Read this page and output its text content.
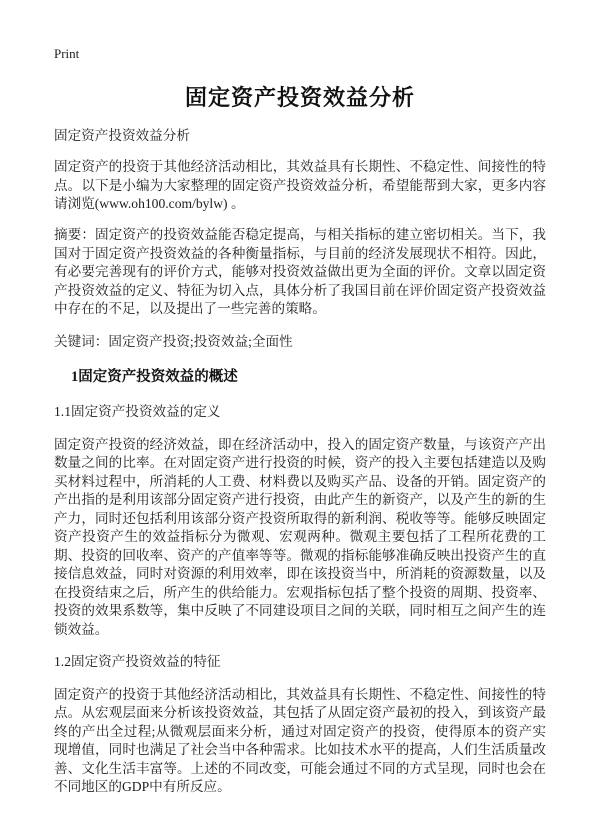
Print
固定资产投资效益分析

固定资产投资效益分析

固定资产的投资于其他经济活动相比，其效益具有长期性、不稳定性、间接性的特点。以下是小编为大家整理的固定资产投资效益分析，希望能帮到大家，更多内容请浏览(www.oh100.com/bylw) 。

摘要：固定资产的投资效益能否稳定提高，与相关指标的建立密切相关。当下，我国对于固定资产投资效益的各种衡量指标，与目前的经济发展现状不相符。因此，有必要完善现有的评价方式，能够对投资效益做出更为全面的评价。文章以固定资产投资效益的定义、特征为切入点，具体分析了我国目前在评价固定资产投资效益中存在的不足，以及提出了一些完善的策略。

关键词：固定资产投资;投资效益;全面性

1固定资产投资效益的概述
1.1固定资产投资效益的定义

固定资产投资的经济效益，即在经济活动中，投入的固定资产数量，与该资产产出数量之间的比率。在对固定资产进行投资的时候，资产的投入主要包括建造以及购买材料过程中，所消耗的人工费、材料费以及购买产品、设备的开销。固定资产的产出指的是利用该部分固定资产进行投资，由此产生的新资产，以及产生的新的生产力，同时还包括利用该部分资产投资所取得的新利润、税收等等。能够反映固定资产投资产生的效益指标分为微观、宏观两种。微观主要包括了工程所花费的工期、投资的回收率、资产的产值率等等。微观的指标能够准确反映出投资产生的直接信息效益，同时对资源的利用效率，即在该投资当中，所消耗的资源数量，以及在投资结束之后，所产生的供给能力。宏观指标包括了整个投资的周期、投资率、投资的效果系数等，集中反映了不同建设项目之间的关联，同时相互之间产生的连锁效益。

1.2固定资产投资效益的特征

固定资产的投资于其他经济活动相比，其效益具有长期性、不稳定性、间接性的特点。从宏观层面来分析该投资效益，其包括了从固定资产最初的投入，到该资产最终的产出全过程;从微观层面来分析，通过对固定资产的投资，使得原本的资产实现增值，同时也满足了社会当中各种需求。比如技术水平的提高，人们生活质量改善、文化生活丰富等。上述的不同改变，可能会通过不同的方式呈现，同时也会在不同地区的GDP中有所反应。
